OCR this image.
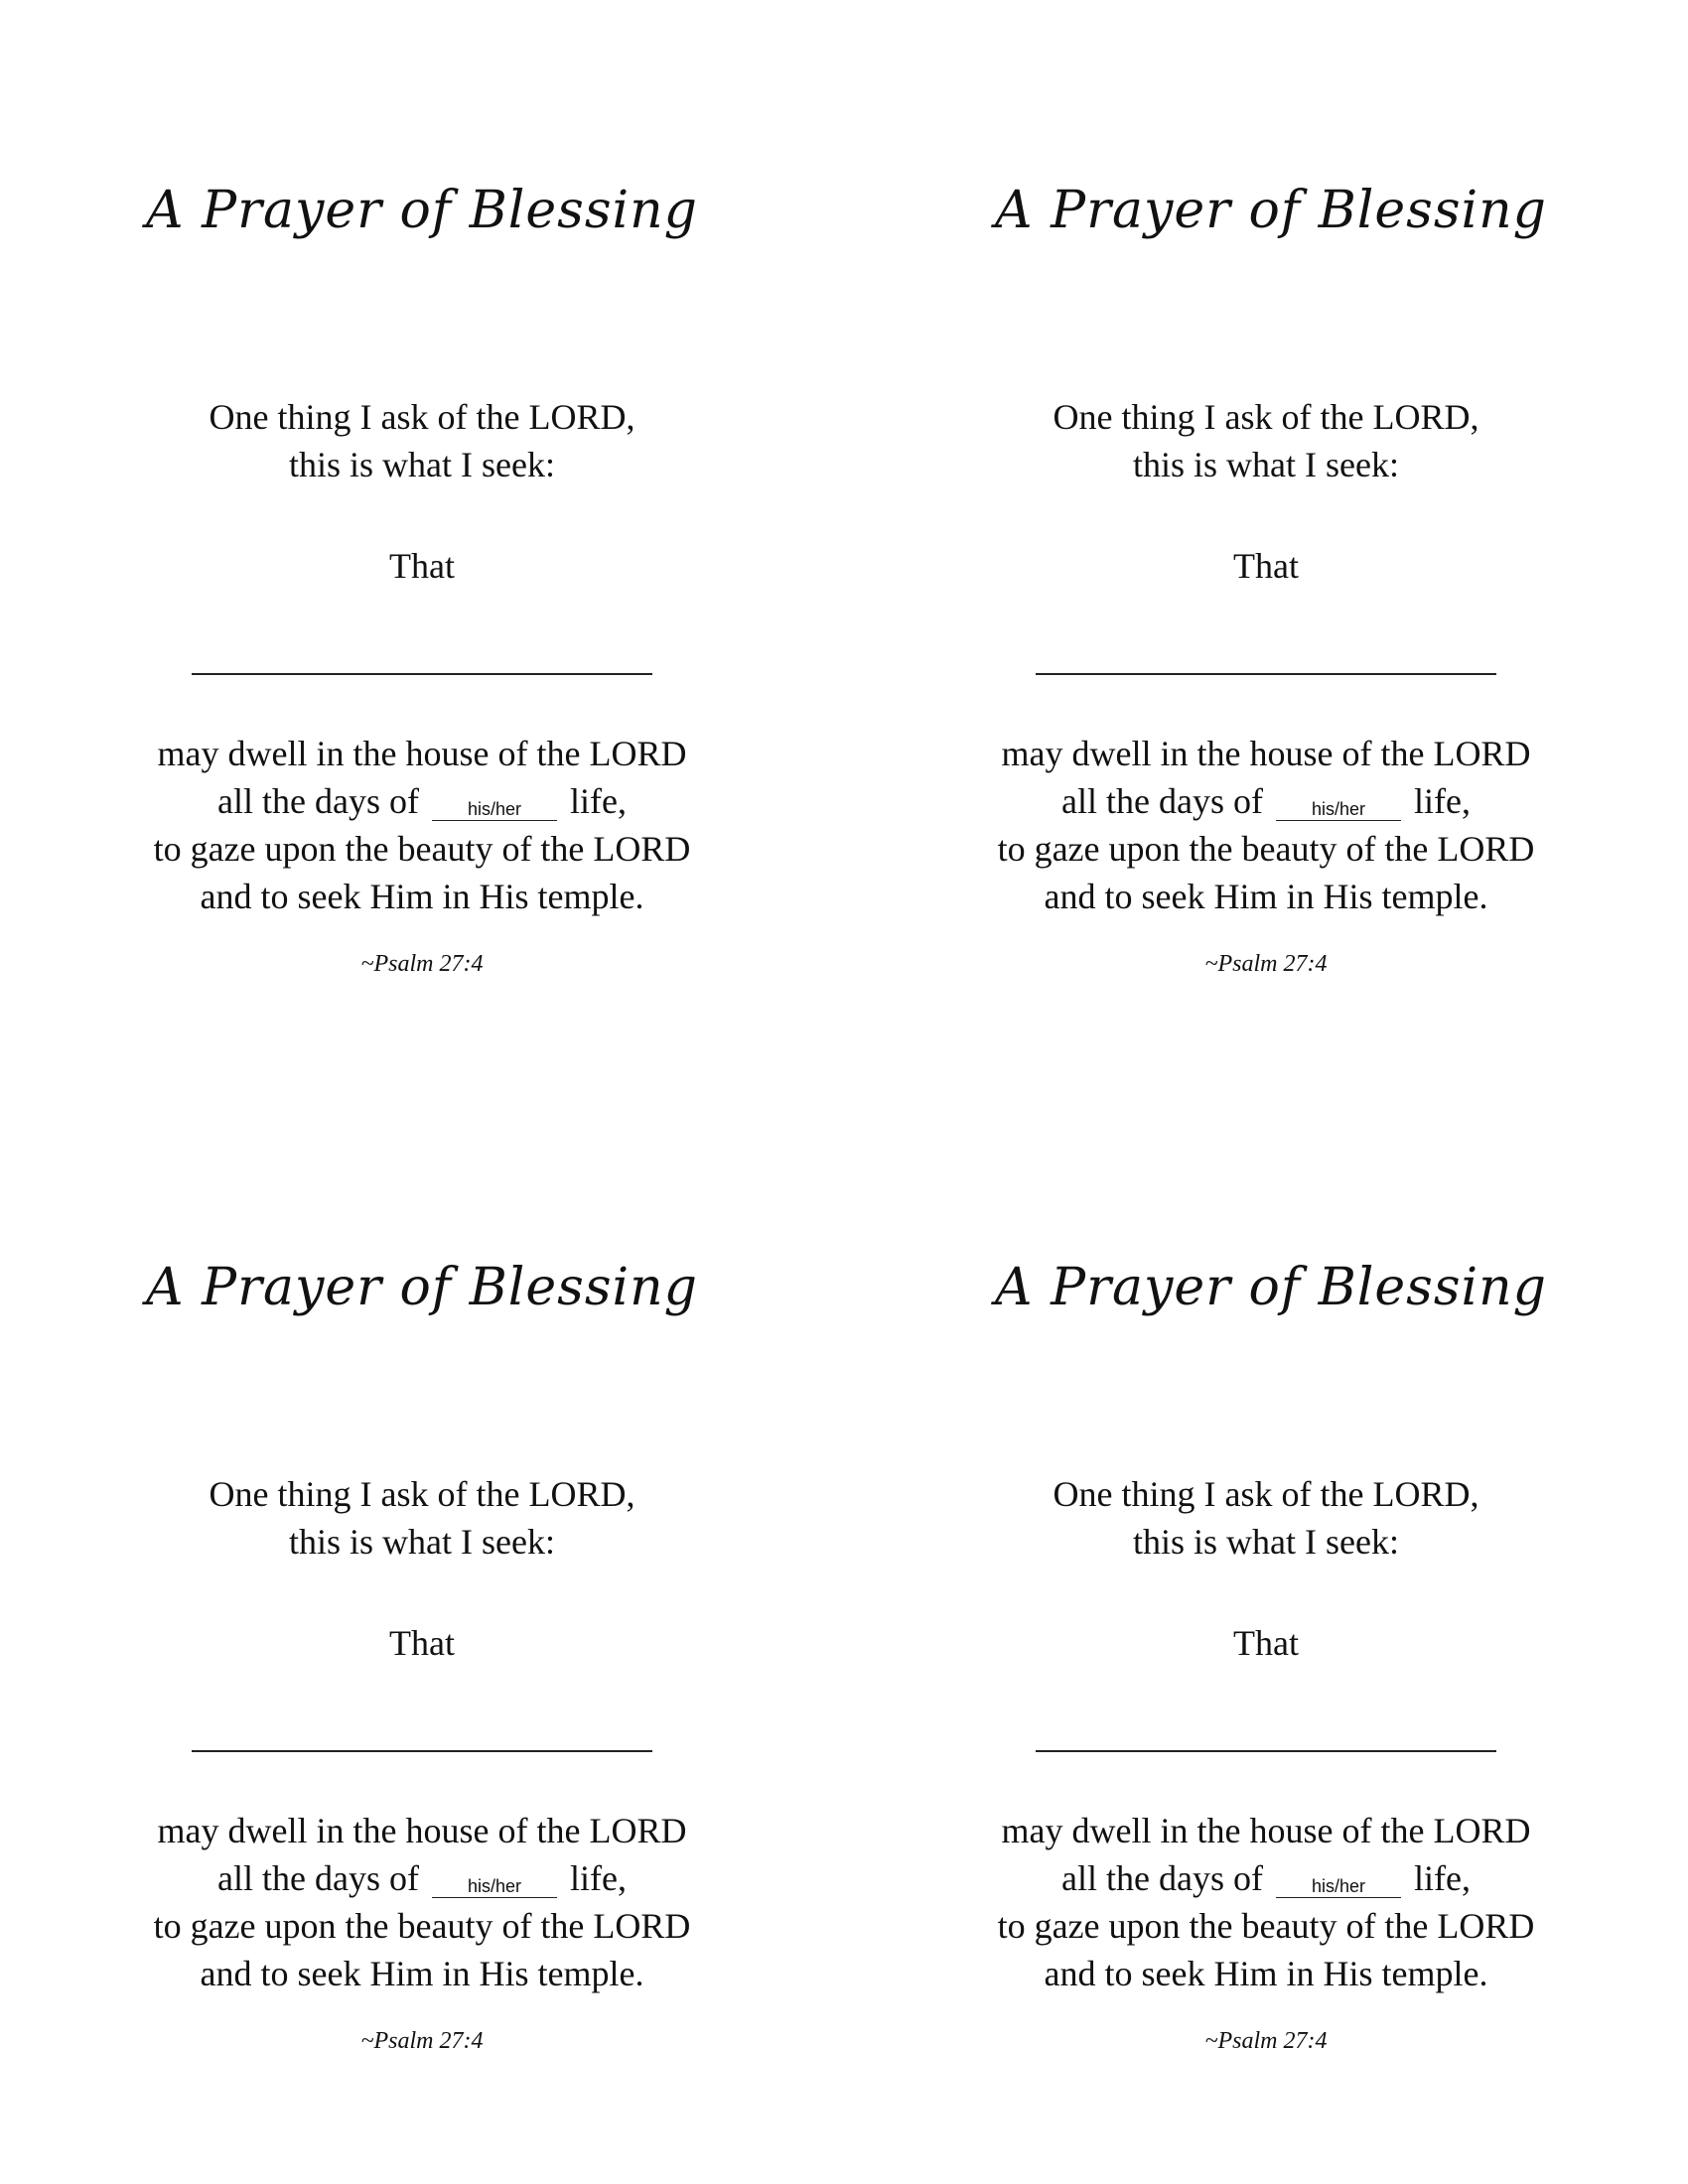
A Prayer of Blessing
One thing I ask of the LORD,
this is what I seek:
That
may dwell in the house of the LORD
all the days of his/her life,
to gaze upon the beauty of the LORD
and to seek Him in His temple.
~Psalm 27:4
A Prayer of Blessing
One thing I ask of the LORD,
this is what I seek:
That
may dwell in the house of the LORD
all the days of his/her life,
to gaze upon the beauty of the LORD
and to seek Him in His temple.
~Psalm 27:4
A Prayer of Blessing
One thing I ask of the LORD,
this is what I seek:
That
may dwell in the house of the LORD
all the days of his/her life,
to gaze upon the beauty of the LORD
and to seek Him in His temple.
~Psalm 27:4
A Prayer of Blessing
One thing I ask of the LORD,
this is what I seek:
That
may dwell in the house of the LORD
all the days of his/her life,
to gaze upon the beauty of the LORD
and to seek Him in His temple.
~Psalm 27:4
